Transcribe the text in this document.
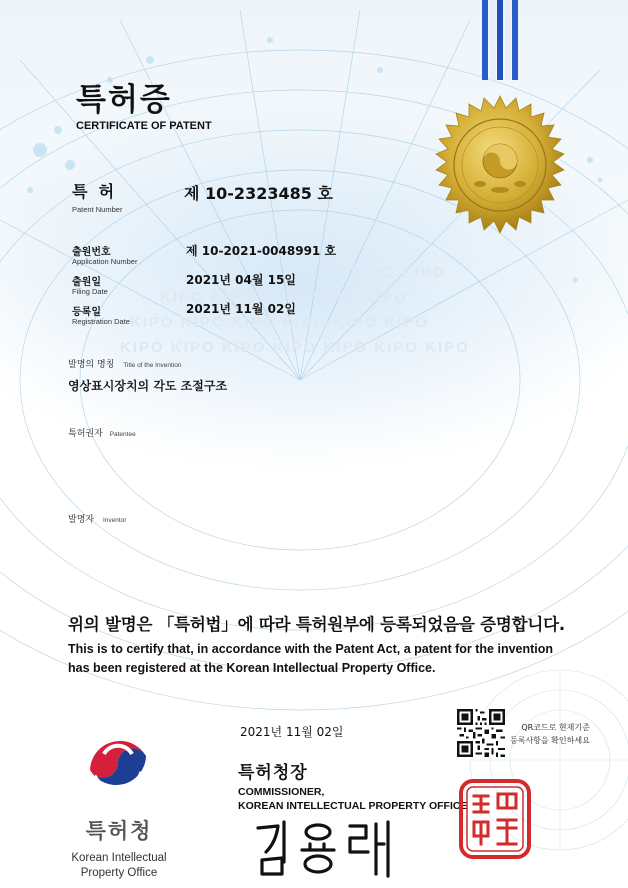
KIPO KIPO KIPO
KIPO KIPO KIPO KIPO KIPO
KIPO KIPO KIPO KIPO KIPO KIPO
KIPO KIPO KIPO KIPO KIPO KIPO KIPO
특허증
CERTIFICATE OF PATENT
특  허
Patent Number
제 10-2323485 호
출원번호
Application Number
제 10-2021-0048991 호
출원일
Filing Date
2021년 04월 15일
등록일
Registration Date
2021년 11월 02일
발명의 명칭 Title of the Invention
영상표시장치의 각도 조절구조
특허권자 Patentee
발명자 Inventor
위의 발명은 「특허법」에 따라 특허원부에 등록되었음을 증명합니다.
This is to certify that, in accordance with the Patent Act, a patent for the invention has been registered at the Korean Intellectual Property Office.
2021년 11월 02일	QR코드로 현재기준
등록사항을 확인하세요
특허청장
COMMISSIONER,
KOREAN INTELLECTUAL PROPERTY OFFICE
특허청
Korean Intellectual
Property Office
